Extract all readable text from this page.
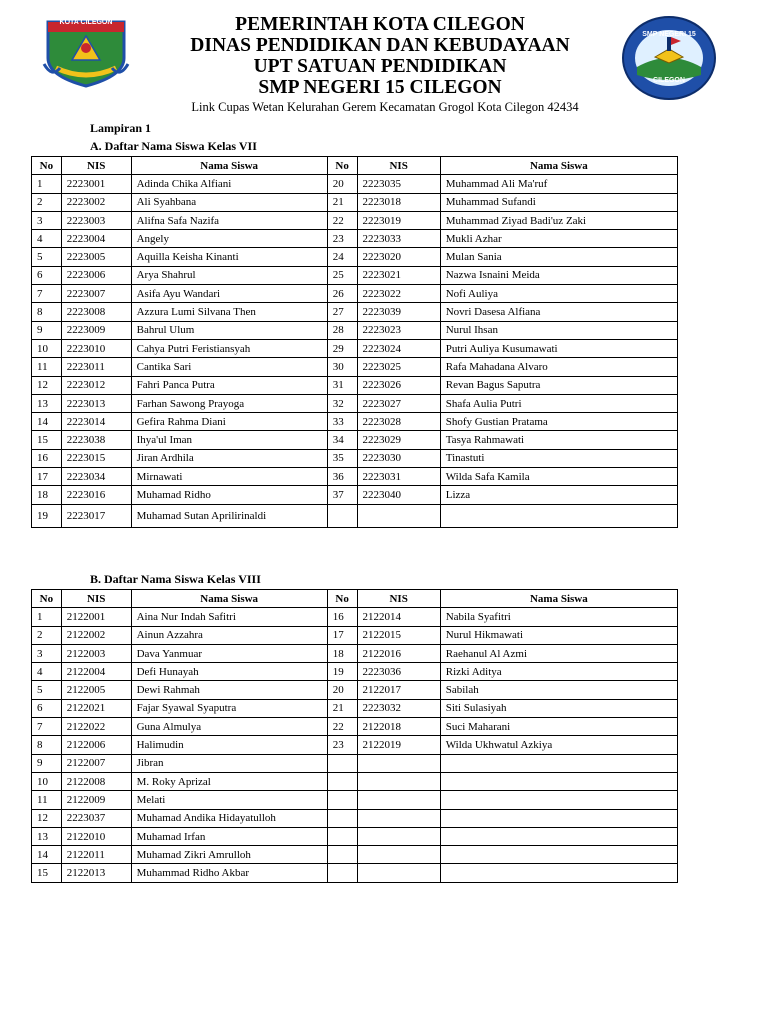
KOTA CILEGON
SMP NEGERI 15
CILEGON
PEMERINTAH KOTA CILEGON
DINAS PENDIDIKAN DAN KEBUDAYAAN
UPT SATUAN PENDIDIKAN
SMP NEGERI 15 CILEGON
Link Cupas Wetan Kelurahan Gerem Kecamatan Grogol Kota Cilegon 42434
Lampiran 1
A. Daftar Nama Siswa Kelas VII
No	NIS	Nama Siswa	No	NIS	Nama Siswa
1	2223001	Adinda Chika Alfiani	20	2223035	Muhammad Ali Ma'ruf
2	2223002	Ali Syahbana	21	2223018	Muhammad Sufandi
3	2223003	Alifna Safa Nazifa	22	2223019	Muhammad Ziyad Badi'uz Zaki
4	2223004	Angely	23	2223033	Mukli Azhar
5	2223005	Aquilla Keisha Kinanti	24	2223020	Mulan Sania
6	2223006	Arya Shahrul	25	2223021	Nazwa Isnaini Meida
7	2223007	Asifa Ayu Wandari	26	2223022	Nofi Auliya
8	2223008	Azzura Lumi Silvana Then	27	2223039	Novri Dasesa Alfiana
9	2223009	Bahrul Ulum	28	2223023	Nurul Ihsan
10	2223010	Cahya Putri Feristiansyah	29	2223024	Putri Auliya Kusumawati
11	2223011	Cantika Sari	30	2223025	Rafa Mahadana Alvaro
12	2223012	Fahri Panca Putra	31	2223026	Revan Bagus Saputra
13	2223013	Farhan Sawong Prayoga	32	2223027	Shafa Aulia Putri
14	2223014	Gefira Rahma Diani	33	2223028	Shofy Gustian Pratama
15	2223038	Ihya'ul Iman	34	2223029	Tasya Rahmawati
16	2223015	Jiran Ardhila	35	2223030	Tinastuti
17	2223034	Mirnawati	36	2223031	Wilda Safa Kamila
18	2223016	Muhamad Ridho	37	2223040	Lizza
19	2223017	Muhamad Sutan Aprilirinaldi			
B. Daftar Nama Siswa Kelas VIII
No	NIS	Nama Siswa	No	NIS	Nama Siswa
1	2122001	Aina Nur Indah Safitri	16	2122014	Nabila Syafitri
2	2122002	Ainun Azzahra	17	2122015	Nurul Hikmawati
3	2122003	Dava Yanmuar	18	2122016	Raehanul Al Azmi
4	2122004	Defi Hunayah	19	2223036	Rizki Aditya
5	2122005	Dewi Rahmah	20	2122017	Sabilah
6	2122021	Fajar Syawal Syaputra	21	2223032	Siti Sulasiyah
7	2122022	Guna Almulya	22	2122018	Suci Maharani
8	2122006	Halimudin	23	2122019	Wilda Ukhwatul Azkiya
9	2122007	Jibran			
10	2122008	M. Roky Aprizal			
11	2122009	Melati			
12	2223037	Muhamad Andika Hidayatulloh			
13	2122010	Muhamad Irfan			
14	2122011	Muhamad Zikri Amrulloh			
15	2122013	Muhammad Ridho Akbar			
